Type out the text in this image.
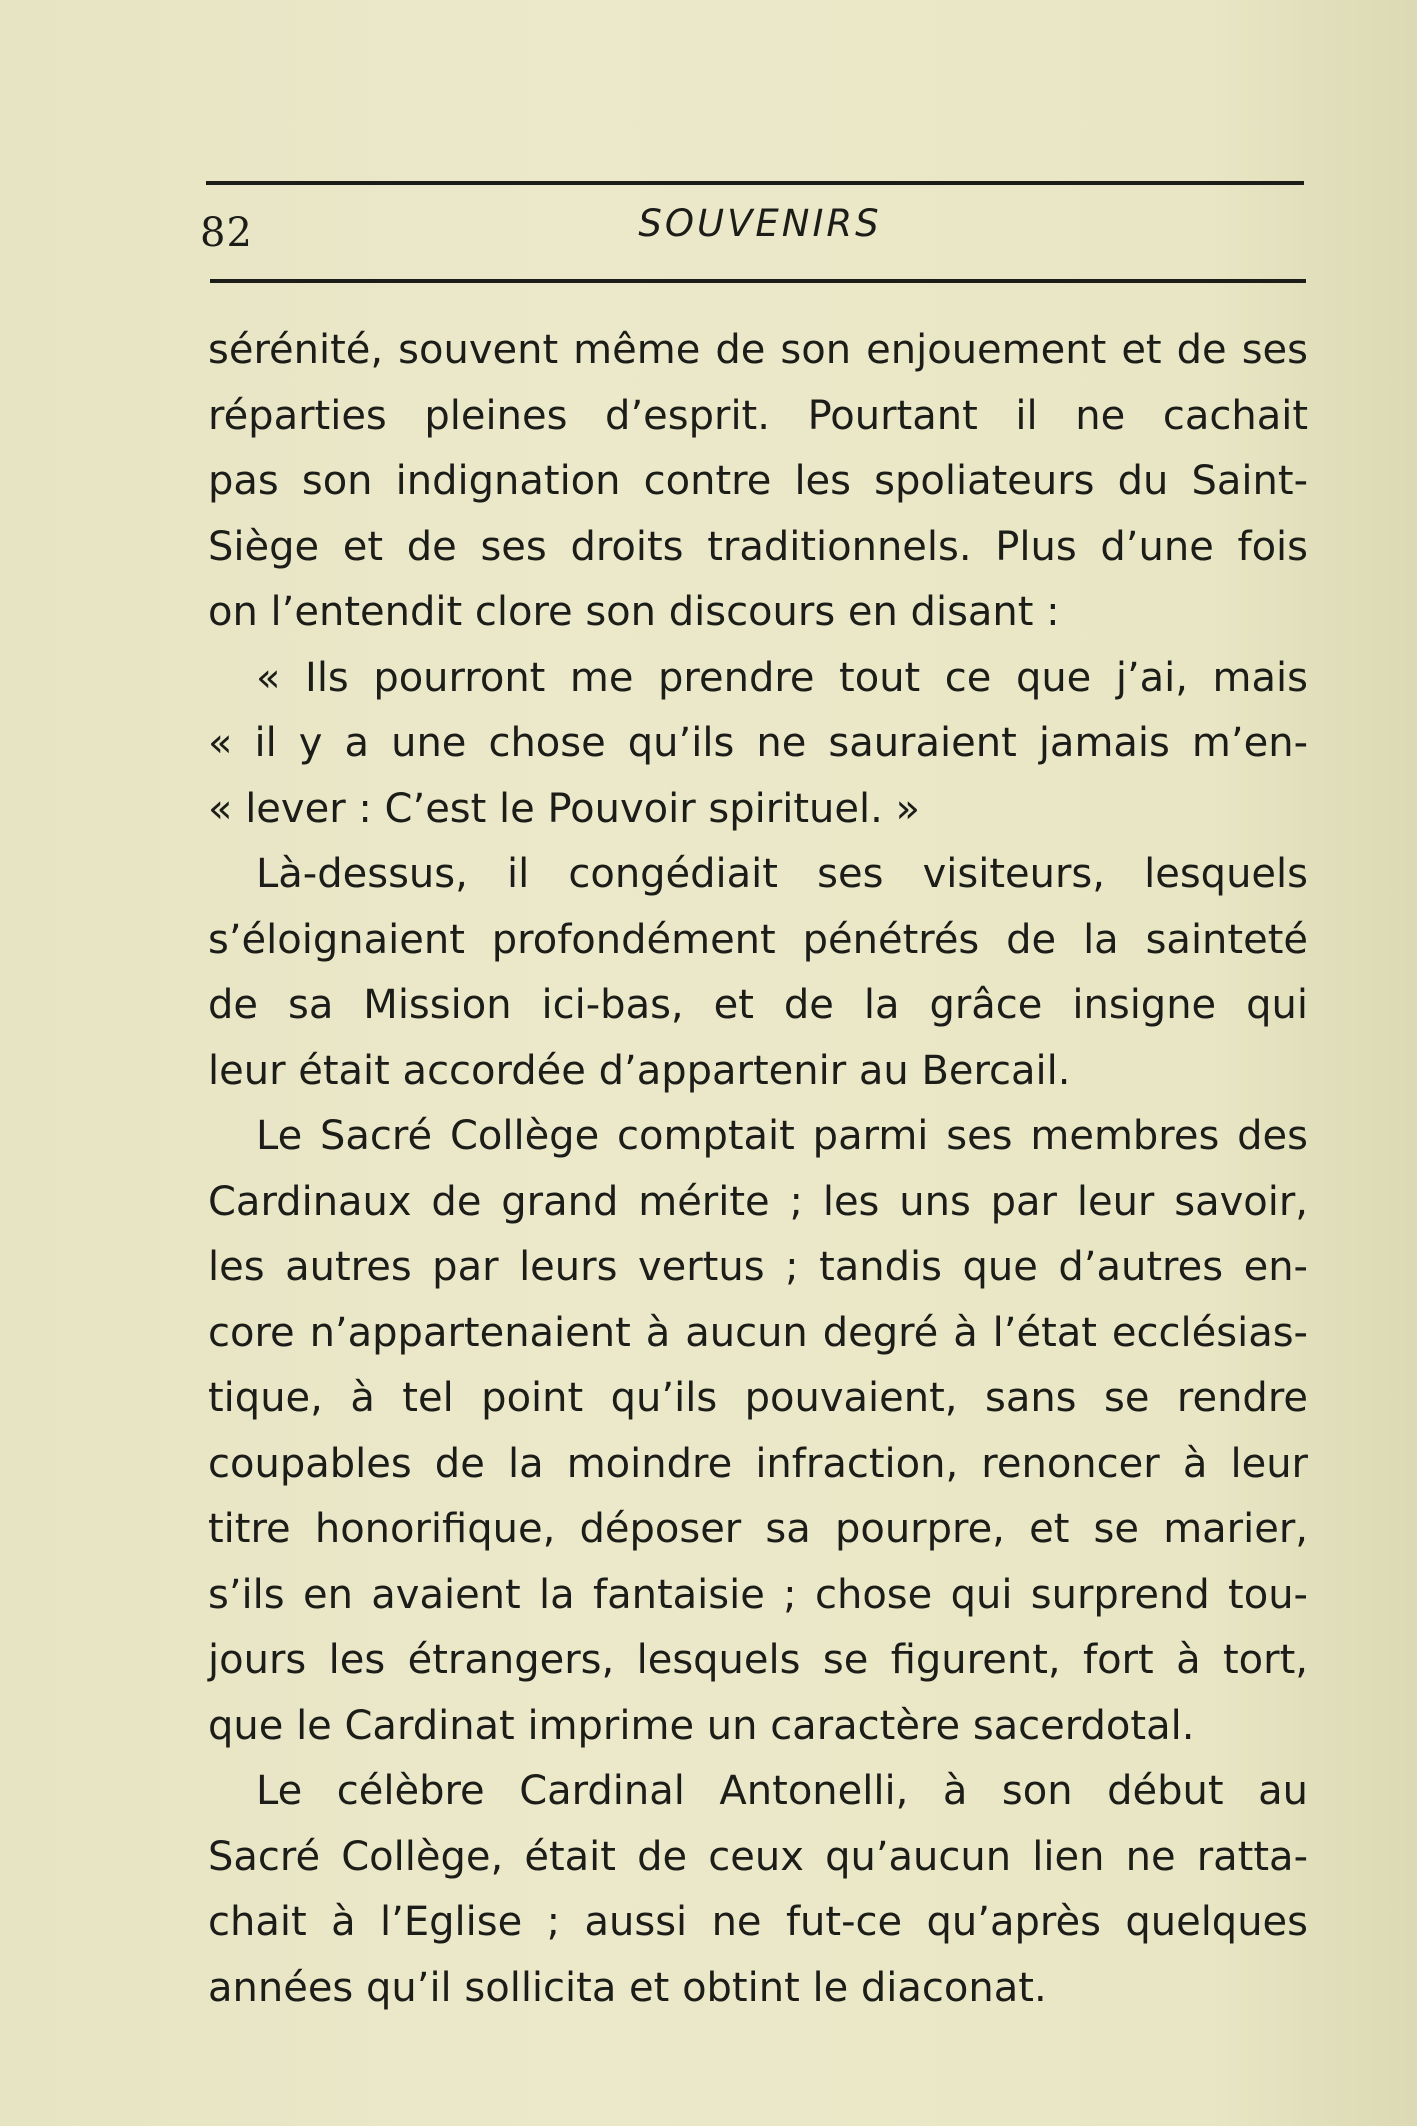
82	SOUVENIRS
sérénité, souvent même de son enjouement et de ses
réparties pleines d’esprit. Pourtant il ne cachait
pas son indignation contre les spoliateurs du Saint-
Siège et de ses droits traditionnels. Plus d’une fois
on l’entendit clore son discours en disant :
« Ils pourront me prendre tout ce que j’ai, mais
« il y a une chose qu’ils ne sauraient jamais m’en-
« lever : C’est le Pouvoir spirituel. »
Là-dessus, il congédiait ses visiteurs, lesquels
s’éloignaient profondément pénétrés de la sainteté
de sa Mission ici-bas, et de la grâce insigne qui
leur était accordée d’appartenir au Bercail.
Le Sacré Collège comptait parmi ses membres des
Cardinaux de grand mérite ; les uns par leur savoir,
les autres par leurs vertus ; tandis que d’autres en-
core n’appartenaient à aucun degré à l’état ecclésias-
tique, à tel point qu’ils pouvaient, sans se rendre
coupables de la moindre infraction, renoncer à leur
titre honorifique, déposer sa pourpre, et se marier,
s’ils en avaient la fantaisie ; chose qui surprend tou-
jours les étrangers, lesquels se figurent, fort à tort,
que le Cardinat imprime un caractère sacerdotal.
Le célèbre Cardinal Antonelli, à son début au
Sacré Collège, était de ceux qu’aucun lien ne ratta-
chait à l’Eglise ; aussi ne fut-ce qu’après quelques
années qu’il sollicita et obtint le diaconat.
